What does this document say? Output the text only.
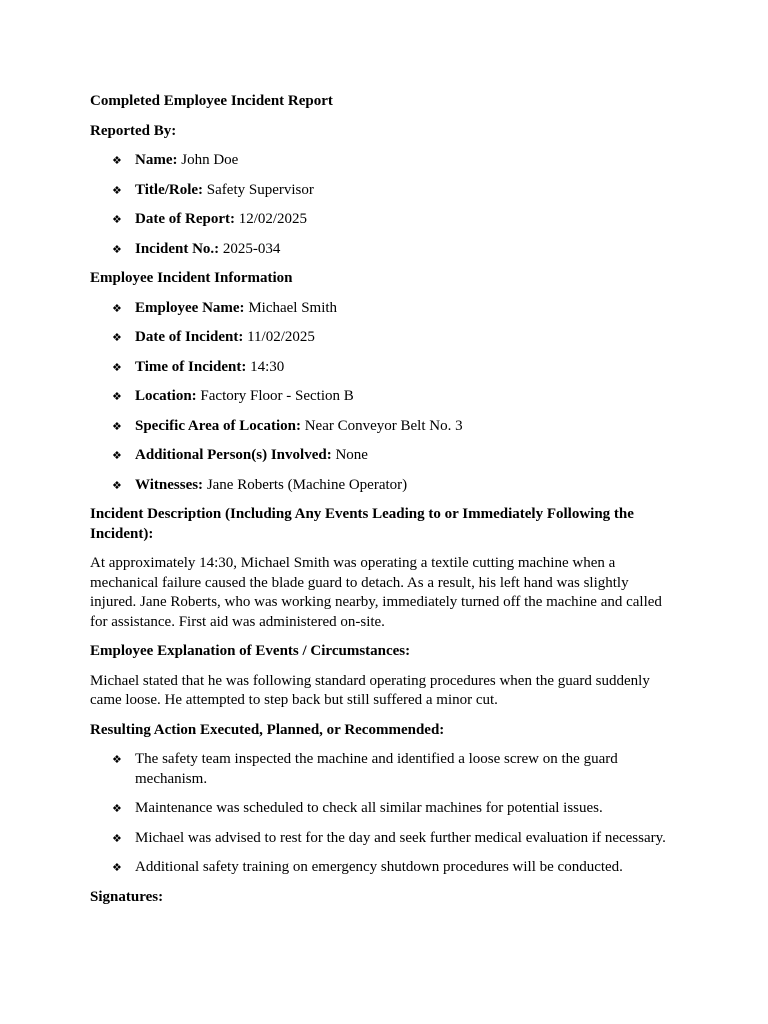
Completed Employee Incident Report

Reported By:

❖ Name: John Doe
❖ Title/Role: Safety Supervisor
❖ Date of Report: 12/02/2025
❖ Incident No.: 2025-034

Employee Incident Information

❖ Employee Name: Michael Smith
❖ Date of Incident: 11/02/2025
❖ Time of Incident: 14:30
❖ Location: Factory Floor - Section B
❖ Specific Area of Location: Near Conveyor Belt No. 3
❖ Additional Person(s) Involved: None
❖ Witnesses: Jane Roberts (Machine Operator)

Incident Description (Including Any Events Leading to or Immediately Following the Incident):

At approximately 14:30, Michael Smith was operating a textile cutting machine when a mechanical failure caused the blade guard to detach. As a result, his left hand was slightly injured. Jane Roberts, who was working nearby, immediately turned off the machine and called for assistance. First aid was administered on-site.

Employee Explanation of Events / Circumstances:

Michael stated that he was following standard operating procedures when the guard suddenly came loose. He attempted to step back but still suffered a minor cut.

Resulting Action Executed, Planned, or Recommended:

❖ The safety team inspected the machine and identified a loose screw on the guard mechanism.
❖ Maintenance was scheduled to check all similar machines for potential issues.
❖ Michael was advised to rest for the day and seek further medical evaluation if necessary.
❖ Additional safety training on emergency shutdown procedures will be conducted.

Signatures:
